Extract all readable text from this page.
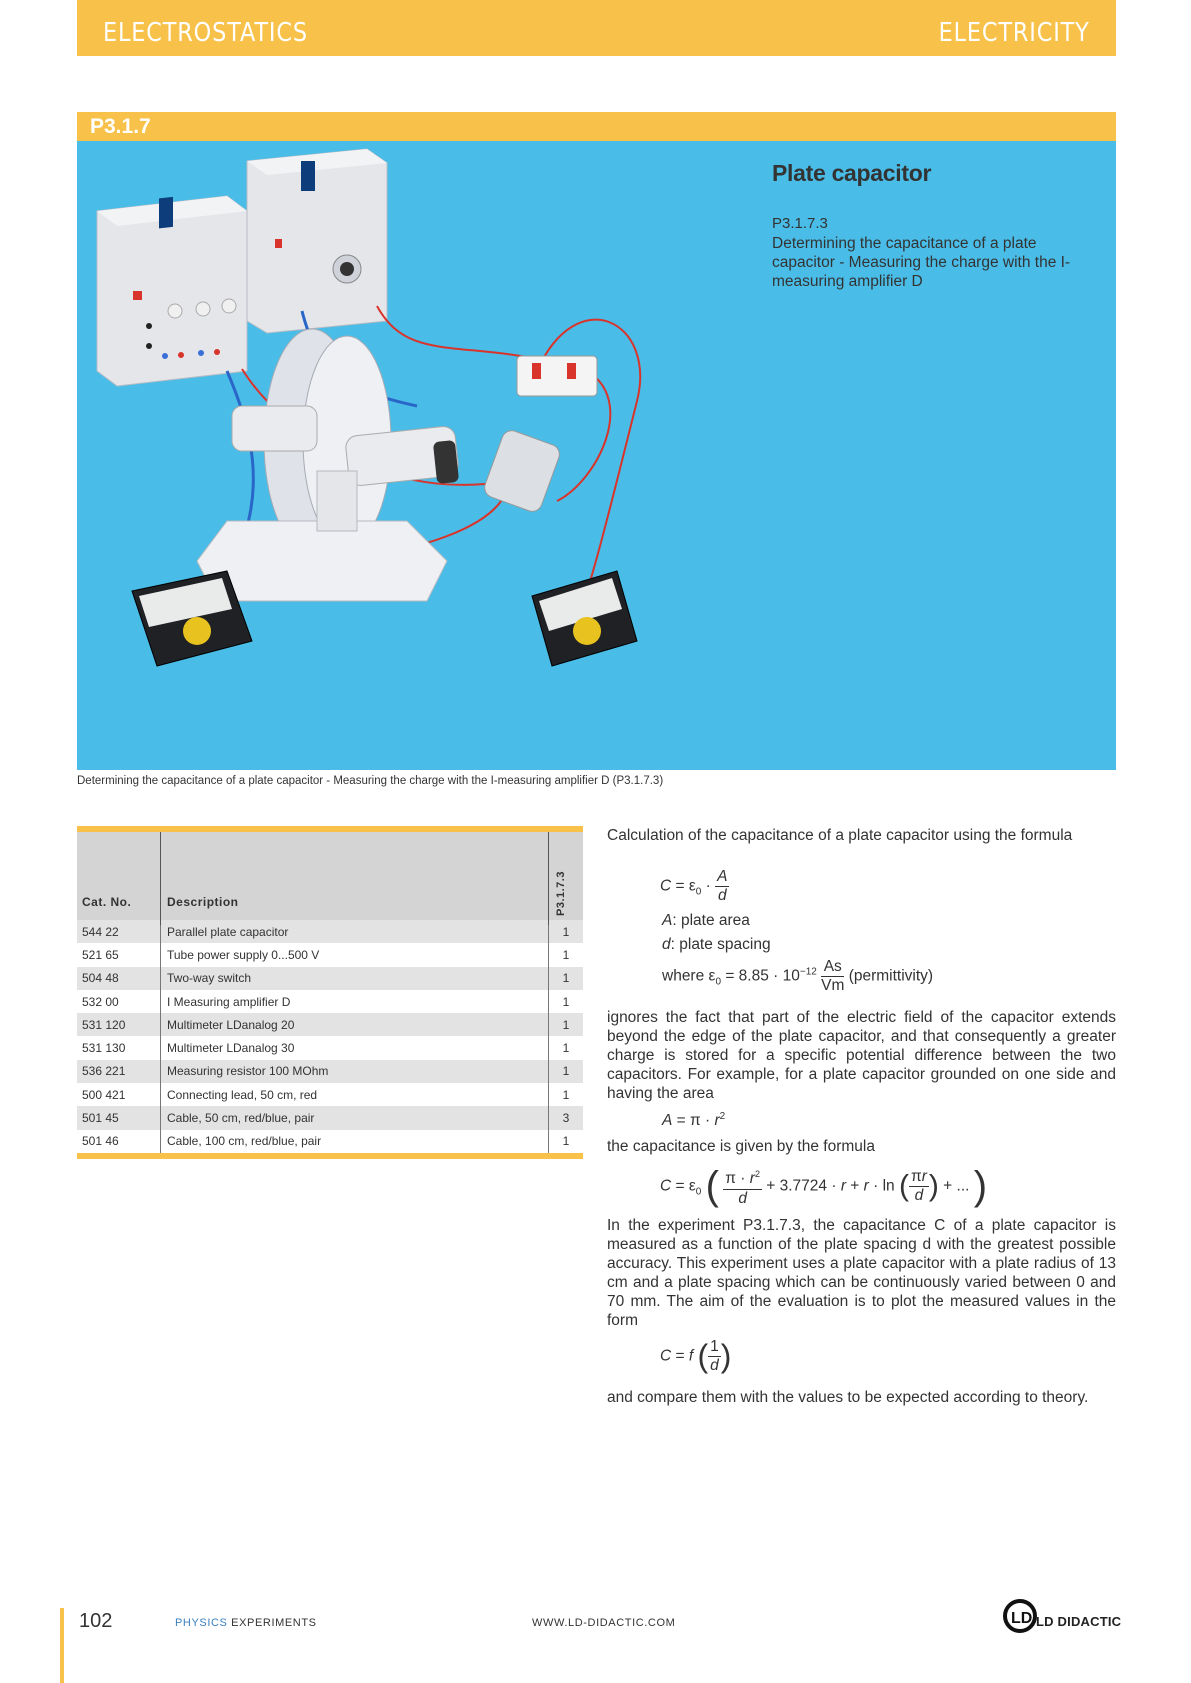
ELECTROSTATICS	ELECTRICITY
P3.1.7
Plate capacitor
P3.1.7.3
Determining the capacitance of a plate capacitor - Measuring the charge with the I-measuring amplifier D
Determining the capacitance of a plate capacitor - Measuring the charge with the I-measuring amplifier D (P3.1.7.3)
Cat. No.	Description	P3.1.7.3
544 22	Parallel plate capacitor	1
521 65	Tube power supply 0...500 V	1
504 48	Two-way switch	1
532 00	I Measuring amplifier D	1
531 120	Multimeter LDanalog 20	1
531 130	Multimeter LDanalog 30	1
536 221	Measuring resistor 100 MOhm	1
500 421	Connecting lead, 50 cm, red	1
501 45	Cable, 50 cm, red/blue, pair	3
501 46	Cable, 100 cm, red/blue, pair	1
Calculation of the capacitance of a plate capacitor using the formula
$C = \varepsilon_0 \cdot \frac{A}{d}$
A: plate area
d: plate spacing
where $\varepsilon_0 = 8.85 \cdot 10^{-12} \frac{As}{Vm}$ (permittivity)
ignores the fact that part of the electric field of the capacitor extends beyond the edge of the plate capacitor, and that consequently a greater charge is stored for a specific potential difference between the two capacitors. For example, for a plate capacitor grounded on one side and having the area
$A = \pi \cdot r^2$
the capacitance is given by the formula
$C = \varepsilon_0$ ( $\frac{\pi \cdot r^2}{d} + 3.7724 \cdot r + r \cdot \ln$ ( $\frac{\pi r}{d}$ ) + ... )
In the experiment P3.1.7.3, the capacitance C of a plate capacitor is measured as a function of the plate spacing d with the greatest possible accuracy. This experiment uses a plate capacitor with a plate radius of 13 cm and a plate spacing which can be continuously varied between 0 and 70 mm. The aim of the evaluation is to plot the measured values in the form
C = f ( $\frac{1}{d}$ )
and compare them with the values to be expected according to theory.
102	PHYSICS EXPERIMENTS	WWW.LD-DIDACTIC.COM	LD LD DIDACTIC
